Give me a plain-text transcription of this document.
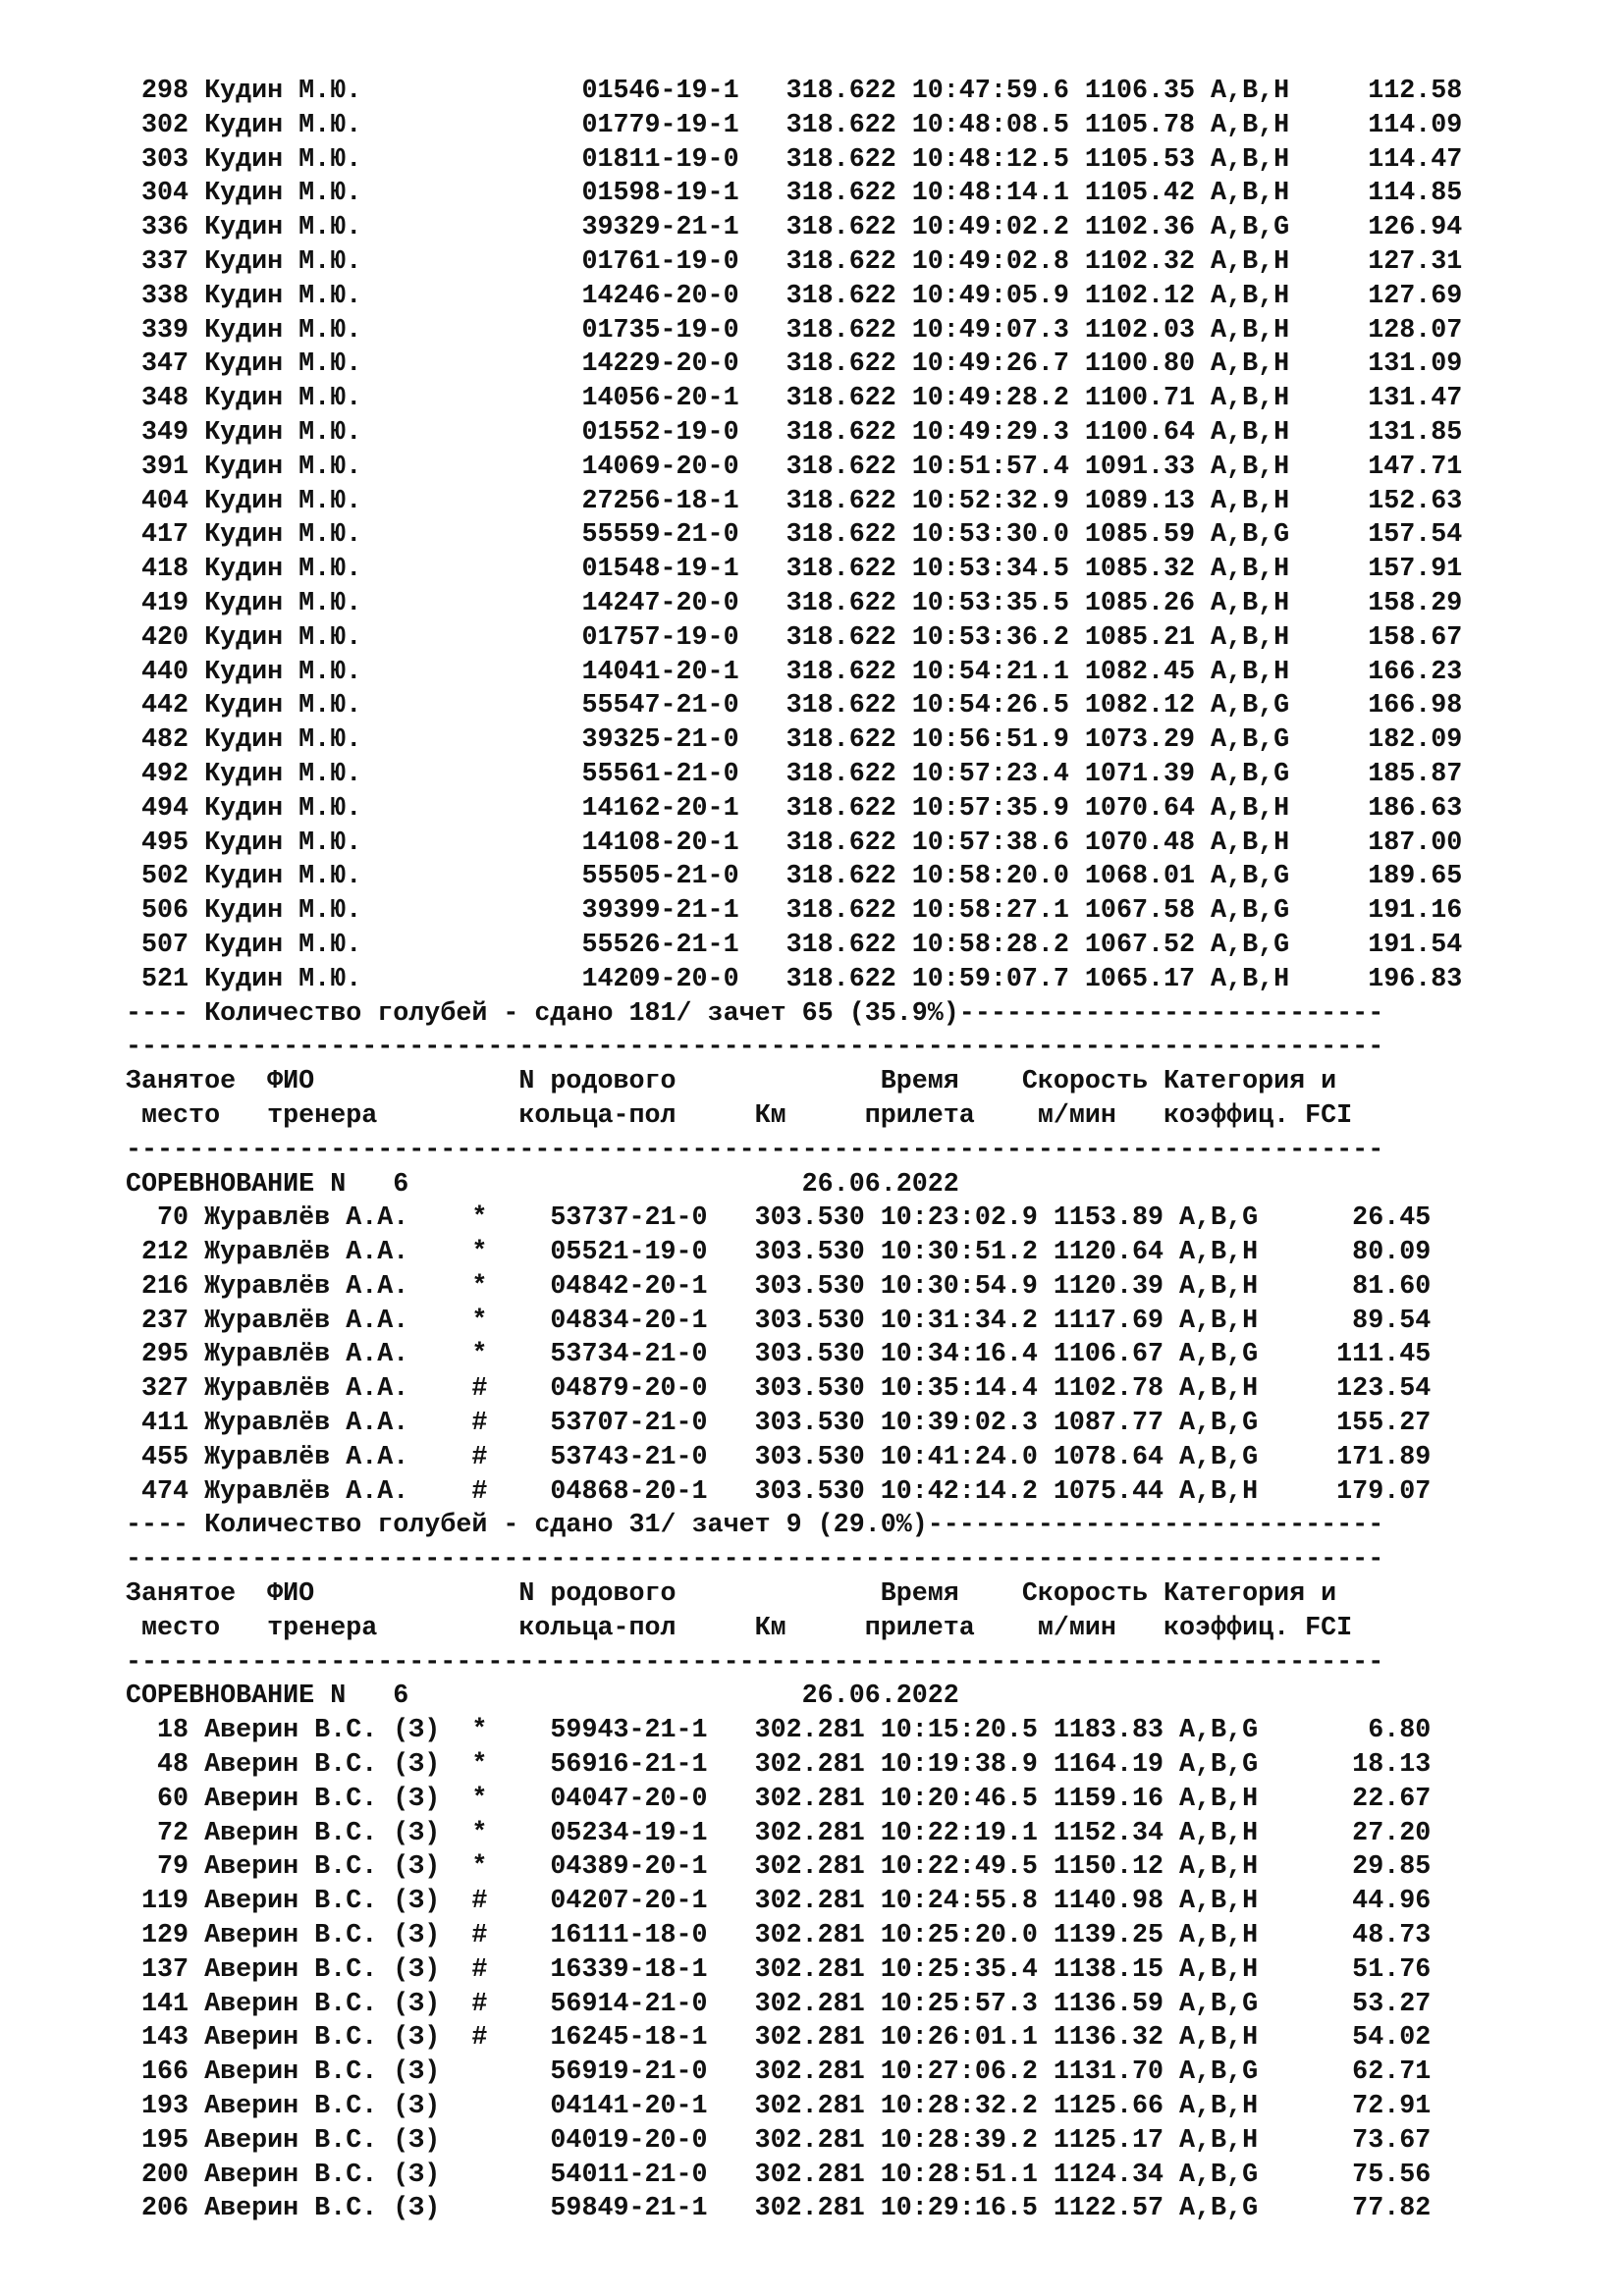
298 Кудин М.Ю.              01546-19-1   318.622 10:47:59.6 1106.35 A,B,H     112.58
302 Кудин М.Ю.              01779-19-1   318.622 10:48:08.5 1105.78 A,B,H     114.09
303 Кудин М.Ю.              01811-19-0   318.622 10:48:12.5 1105.53 A,B,H     114.47
304 Кудин М.Ю.              01598-19-1   318.622 10:48:14.1 1105.42 A,B,H     114.85
336 Кудин М.Ю.              39329-21-1   318.622 10:49:02.2 1102.36 A,B,G     126.94
337 Кудин М.Ю.              01761-19-0   318.622 10:49:02.8 1102.32 A,B,H     127.31
338 Кудин М.Ю.              14246-20-0   318.622 10:49:05.9 1102.12 A,B,H     127.69
339 Кудин М.Ю.              01735-19-0   318.622 10:49:07.3 1102.03 A,B,H     128.07
347 Кудин М.Ю.              14229-20-0   318.622 10:49:26.7 1100.80 A,B,H     131.09
348 Кудин М.Ю.              14056-20-1   318.622 10:49:28.2 1100.71 A,B,H     131.47
349 Кудин М.Ю.              01552-19-0   318.622 10:49:29.3 1100.64 A,B,H     131.85
391 Кудин М.Ю.              14069-20-0   318.622 10:51:57.4 1091.33 A,B,H     147.71
404 Кудин М.Ю.              27256-18-1   318.622 10:52:32.9 1089.13 A,B,H     152.63
417 Кудин М.Ю.              55559-21-0   318.622 10:53:30.0 1085.59 A,B,G     157.54
418 Кудин М.Ю.              01548-19-1   318.622 10:53:34.5 1085.32 A,B,H     157.91
419 Кудин М.Ю.              14247-20-0   318.622 10:53:35.5 1085.26 A,B,H     158.29
420 Кудин М.Ю.              01757-19-0   318.622 10:53:36.2 1085.21 A,B,H     158.67
440 Кудин М.Ю.              14041-20-1   318.622 10:54:21.1 1082.45 A,B,H     166.23
442 Кудин М.Ю.              55547-21-0   318.622 10:54:26.5 1082.12 A,B,G     166.98
482 Кудин М.Ю.              39325-21-0   318.622 10:56:51.9 1073.29 A,B,G     182.09
492 Кудин М.Ю.              55561-21-0   318.622 10:57:23.4 1071.39 A,B,G     185.87
494 Кудин М.Ю.              14162-20-1   318.622 10:57:35.9 1070.64 A,B,H     186.63
495 Кудин М.Ю.              14108-20-1   318.622 10:57:38.6 1070.48 A,B,H     187.00
502 Кудин М.Ю.              55505-21-0   318.622 10:58:20.0 1068.01 A,B,G     189.65
506 Кудин М.Ю.              39399-21-1   318.622 10:58:27.1 1067.58 A,B,G     191.16
507 Кудин М.Ю.              55526-21-1   318.622 10:58:28.2 1067.52 A,B,G     191.54
521 Кудин М.Ю.              14209-20-0   318.622 10:59:07.7 1065.17 A,B,H     196.83
---- Количество голубей - сдано 181/ зачет 65 (35.9%)---------------------------
--------------------------------------------------------------------------------
Занятое  ФИО             N родового             Время    Скорость Категория и
место   тренера         кольца-пол     Км     прилета    м/мин   коэффиц. FCI
--------------------------------------------------------------------------------
СОРЕВНОВАНИЕ N   6                         26.06.2022
70 Журавлёв А.А.    *    53737-21-0   303.530 10:23:02.9 1153.89 A,B,G      26.45
212 Журавлёв А.А.    *    05521-19-0   303.530 10:30:51.2 1120.64 A,B,H      80.09
216 Журавлёв А.А.    *    04842-20-1   303.530 10:30:54.9 1120.39 A,B,H      81.60
237 Журавлёв А.А.    *    04834-20-1   303.530 10:31:34.2 1117.69 A,B,H      89.54
295 Журавлёв А.А.    *    53734-21-0   303.530 10:34:16.4 1106.67 A,B,G     111.45
327 Журавлёв А.А.    #    04879-20-0   303.530 10:35:14.4 1102.78 A,B,H     123.54
411 Журавлёв А.А.    #    53707-21-0   303.530 10:39:02.3 1087.77 A,B,G     155.27
455 Журавлёв А.А.    #    53743-21-0   303.530 10:41:24.0 1078.64 A,B,G     171.89
474 Журавлёв А.А.    #    04868-20-1   303.530 10:42:14.2 1075.44 A,B,H     179.07
---- Количество голубей - сдано 31/ зачет 9 (29.0%)-----------------------------
--------------------------------------------------------------------------------
Занятое  ФИО             N родового             Время    Скорость Категория и
место   тренера         кольца-пол     Км     прилета    м/мин   коэффиц. FCI
--------------------------------------------------------------------------------
СОРЕВНОВАНИЕ N   6                         26.06.2022
18 Аверин В.С. (З)  *    59943-21-1   302.281 10:15:20.5 1183.83 A,B,G       6.80
48 Аверин В.С. (З)  *    56916-21-1   302.281 10:19:38.9 1164.19 A,B,G      18.13
60 Аверин В.С. (З)  *    04047-20-0   302.281 10:20:46.5 1159.16 A,B,H      22.67
72 Аверин В.С. (З)  *    05234-19-1   302.281 10:22:19.1 1152.34 A,B,H      27.20
79 Аверин В.С. (З)  *    04389-20-1   302.281 10:22:49.5 1150.12 A,B,H      29.85
119 Аверин В.С. (З)  #    04207-20-1   302.281 10:24:55.8 1140.98 A,B,H      44.96
129 Аверин В.С. (З)  #    16111-18-0   302.281 10:25:20.0 1139.25 A,B,H      48.73
137 Аверин В.С. (З)  #    16339-18-1   302.281 10:25:35.4 1138.15 A,B,H      51.76
141 Аверин В.С. (З)  #    56914-21-0   302.281 10:25:57.3 1136.59 A,B,G      53.27
143 Аверин В.С. (З)  #    16245-18-1   302.281 10:26:01.1 1136.32 A,B,H      54.02
166 Аверин В.С. (З)       56919-21-0   302.281 10:27:06.2 1131.70 A,B,G      62.71
193 Аверин В.С. (З)       04141-20-1   302.281 10:28:32.2 1125.66 A,B,H      72.91
195 Аверин В.С. (З)       04019-20-0   302.281 10:28:39.2 1125.17 A,B,H      73.67
200 Аверин В.С. (З)       54011-21-0   302.281 10:28:51.1 1124.34 A,B,G      75.56
206 Аверин В.С. (З)       59849-21-1   302.281 10:29:16.5 1122.57 A,B,G      77.82
